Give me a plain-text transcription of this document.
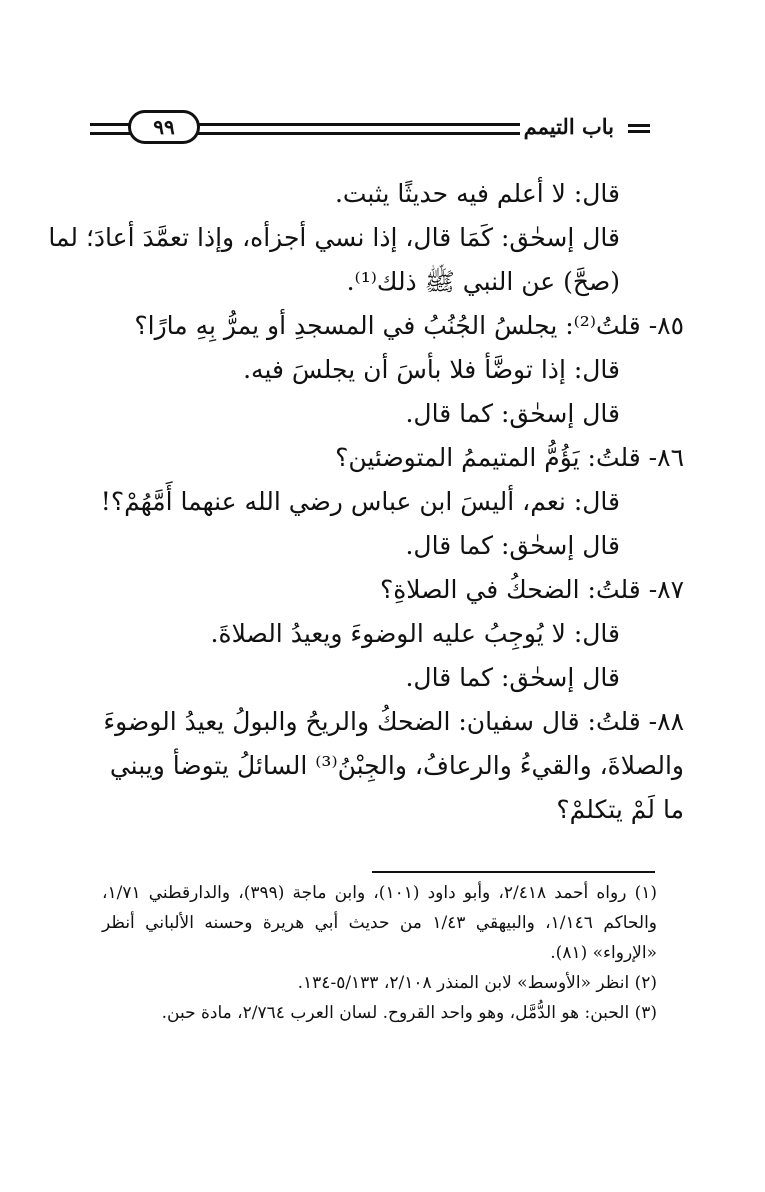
باب التيمم
٩٩
قال: لا أعلم فيه حديثًا يثبت.
قال إسحٰق: كَمَا قال، إذا نسي أجزأه، وإذا تعمَّدَ أعادَ؛ لما
(صحَّ) عن النبي ﷺ ذلك⁽¹⁾.
٨٥- قلتُ⁽²⁾: يجلسُ الجُنُبُ في المسجدِ أو يمرُّ بِهِ مارًا؟
قال: إذا توضَّأ فلا بأسَ أن يجلسَ فيه.
قال إسحٰق: كما قال.
٨٦- قلتُ: يَؤُمُّ المتيممُ المتوضئين؟
قال: نعم، أليسَ ابن عباس رضي الله عنهما أَمَّهُمْ؟!
قال إسحٰق: كما قال.
٨٧- قلتُ: الضحكُ في الصلاةِ؟
قال: لا يُوجِبُ عليه الوضوءَ ويعيدُ الصلاةَ.
قال إسحٰق: كما قال.
٨٨- قلتُ: قال سفيان: الضحكُ والريحُ والبولُ يعيدُ الوضوءَ
والصلاةَ، والقيءُ والرعافُ، والجِبْنُ⁽³⁾ السائلُ يتوضأ ويبني
ما لَمْ يتكلمْ؟
(١) رواه أحمد ٢/٤١٨، وأبو داود (١٠١)، وابن ماجة (٣٩٩)، والدارقطني ١/٧١، والحاكم ١/١٤٦، والبيهقي ١/٤٣ من حديث أبي هريرة وحسنه الألباني أنظر «الإرواء» (٨١).
(٢) انظر «الأوسط» لابن المنذر ٢/١٠٨، ٥/١٣٣-١٣٤.
(٣) الحبن: هو الدُّمَّل، وهو واحد القروح. لسان العرب ٢/٧٦٤، مادة حبن.
